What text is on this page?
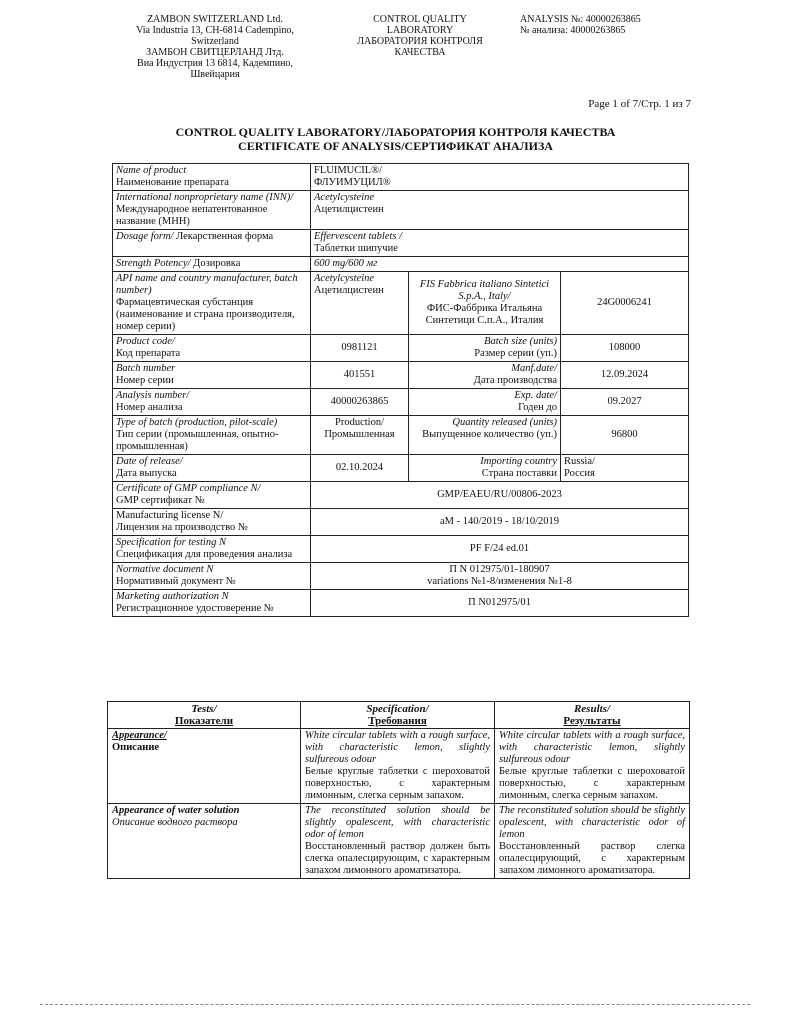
ZAMBON SWITZERLAND Ltd.
Via Industria 13, CH-6814 Cadempino,
Switzerland
ЗАМБОН СВИТЦЕРЛАНД Лтд.
Виа Индустрия 13 6814, Кадемпино,
Швейцария
CONTROL QUALITY
LABORATORY
ЛАБОРАТОРИЯ КОНТРОЛЯ
КАЧЕСТВА
ANALYSIS №: 40000263865
№ анализа: 40000263865
Page 1 of 7/Стр. 1 из 7
CONTROL QUALITY LABORATORY/ЛАБОРАТОРИЯ КОНТРОЛЯ КАЧЕСТВА
CERTIFICATE OF ANALYSIS/СЕРТИФИКАТ АНАЛИЗА
Name of product
Наименование препарата	FLUIMUCIL®/
ФЛУИМУЦИЛ®		

International nonproprietary name (INN)/
Международное непатентованное название (МНН)	Acetylcysteine
Ацетилцистеин		

Dosage form/ Лекарственная форма	Effervescent tablets /
Таблетки шипучие		

Strength Potency/ Дозировка	600 mg/600 мг		

API name and country manufacturer, batch number)
Фармацевтическая субстанция (наименование и страна производителя, номер серии)	Acetylcysteine
Ацетилцистеин	FIS Fabbrica italiano Sintetici S.p.A., Italy/
ФИС-Фаббрика Итальяна Синтетици С.п.А., Италия	24G0006241

Product code/
Код препарата	0981121	Batch size (units)
Размер серии (уп.)	108000

Batch number
Номер серии	401551	Manf.date/
Дата производства	12.09.2024

Analysis number/
Номер анализа	40000263865	Exp. date/
Годен до	09.2027

Type of batch (production, pilot-scale)
Тип серии (промышленная, опытно-промышленная)	Production/
Промышленная	Quantity released (units)
Выпущенное количество (уп.)	96800

Date of release/
Дата выпуска	02.10.2024	Importing country
Страна поставки	Russia/
Россия

Certificate of GMP compliance N/
GMP сертификат №	GMP/EAEU/RU/00806-2023		

Manufacturing license N/
Лицензия на производство №	aM - 140/2019 - 18/10/2019		

Specification for testing N
Спецификация для проведения анализа	PF F/24 ed.01		

Normative document N
Нормативный документ №	П N 012975/01-180907
variations №1-8/изменения №1-8		

Marketing authorization N
Регистрационное удостоверение №	П N012975/01		
Tests/
Показатели	Specification/
Требования	Results/
Результаты

Appearance/
Описание	White circular tablets with a rough surface, with characteristic lemon, slightly sulfureous odour
Белые круглые таблетки с шероховатой поверхностью, с характерным лимонным, слегка серным запахом.	White circular tablets with a rough surface, with characteristic lemon, slightly sulfureous odour
Белые круглые таблетки с шероховатой поверхностью, с характерным лимонным, слегка серным запахом.

Appearance of water solution
Описание водного раствора	The reconstituted solution should be slightly opalescent, with characteristic odor of lemon
Восстановленный раствор должен быть слегка опалесцирующим, с характерным запахом лимонного ароматизатора.	The reconstituted solution should be slightly opalescent, with characteristic odor of lemon
Восстановленный раствор слегка опалесцирующий, с характерным запахом лимонного ароматизатора.
